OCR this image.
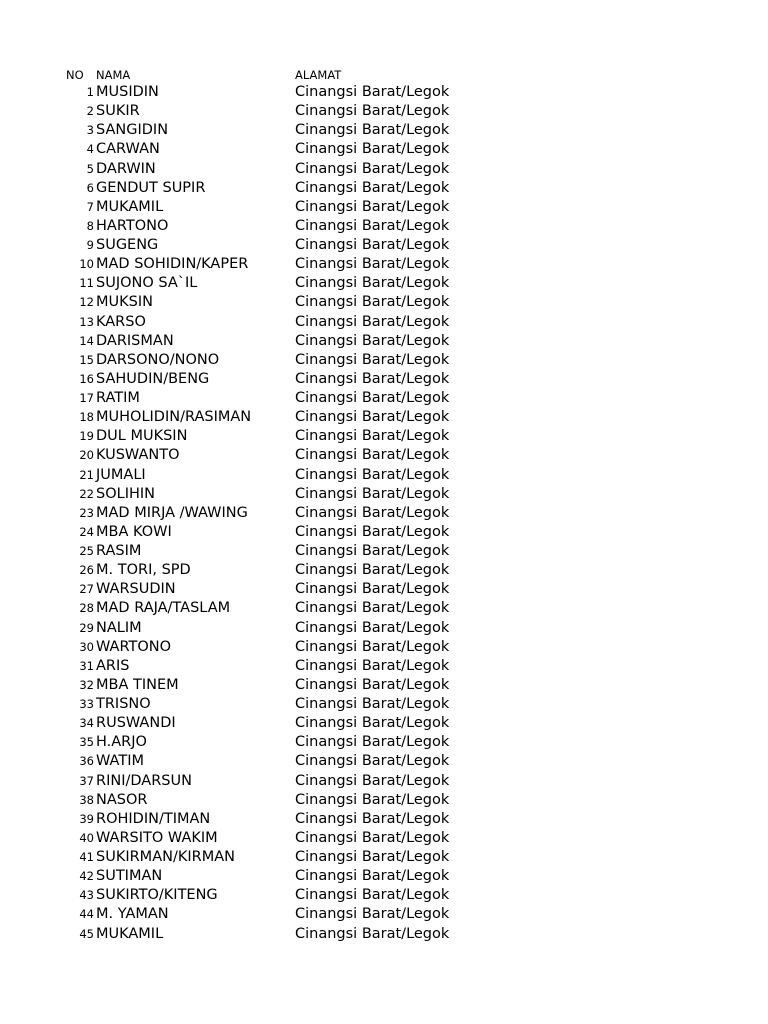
NO NAMA	ALAMAT
1 MUSIDIN	Cinangsi Barat/Legok
2 SUKIR	Cinangsi Barat/Legok
3 SANGIDIN	Cinangsi Barat/Legok
4 CARWAN	Cinangsi Barat/Legok
5 DARWIN	Cinangsi Barat/Legok
6 GENDUT SUPIR	Cinangsi Barat/Legok
7 MUKAMIL	Cinangsi Barat/Legok
8 HARTONO	Cinangsi Barat/Legok
9 SUGENG	Cinangsi Barat/Legok
10 MAD SOHIDIN/KAPER	Cinangsi Barat/Legok
11 SUJONO SA`IL	Cinangsi Barat/Legok
12 MUKSIN	Cinangsi Barat/Legok
13 KARSO	Cinangsi Barat/Legok
14 DARISMAN	Cinangsi Barat/Legok
15 DARSONO/NONO	Cinangsi Barat/Legok
16 SAHUDIN/BENG	Cinangsi Barat/Legok
17 RATIM	Cinangsi Barat/Legok
18 MUHOLIDIN/RASIMAN	Cinangsi Barat/Legok
19 DUL MUKSIN	Cinangsi Barat/Legok
20 KUSWANTO	Cinangsi Barat/Legok
21 JUMALI	Cinangsi Barat/Legok
22 SOLIHIN	Cinangsi Barat/Legok
23 MAD MIRJA /WAWING	Cinangsi Barat/Legok
24 MBA KOWI	Cinangsi Barat/Legok
25 RASIM	Cinangsi Barat/Legok
26 M. TORI, SPD	Cinangsi Barat/Legok
27 WARSUDIN	Cinangsi Barat/Legok
28 MAD RAJA/TASLAM	Cinangsi Barat/Legok
29 NALIM	Cinangsi Barat/Legok
30 WARTONO	Cinangsi Barat/Legok
31 ARIS	Cinangsi Barat/Legok
32 MBA TINEM	Cinangsi Barat/Legok
33 TRISNO	Cinangsi Barat/Legok
34 RUSWANDI	Cinangsi Barat/Legok
35 H.ARJO	Cinangsi Barat/Legok
36 WATIM	Cinangsi Barat/Legok
37 RINI/DARSUN	Cinangsi Barat/Legok
38 NASOR	Cinangsi Barat/Legok
39 ROHIDIN/TIMAN	Cinangsi Barat/Legok
40 WARSITO WAKIM	Cinangsi Barat/Legok
41 SUKIRMAN/KIRMAN	Cinangsi Barat/Legok
42 SUTIMAN	Cinangsi Barat/Legok
43 SUKIRTO/KITENG	Cinangsi Barat/Legok
44 M. YAMAN	Cinangsi Barat/Legok
45 MUKAMIL	Cinangsi Barat/Legok
